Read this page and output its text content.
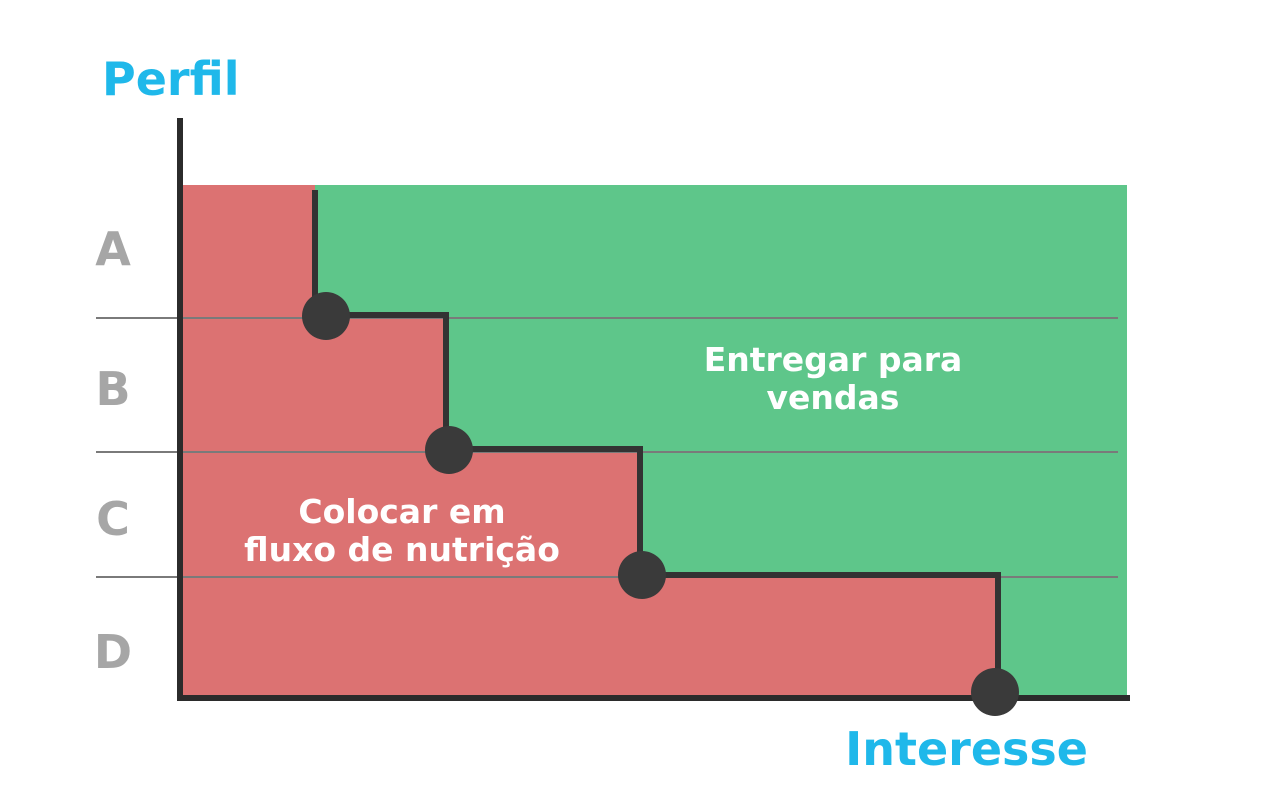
Perfil
Interesse
A
B
C
D
Entregar para
vendas
Colocar em
fluxo de nutrição
